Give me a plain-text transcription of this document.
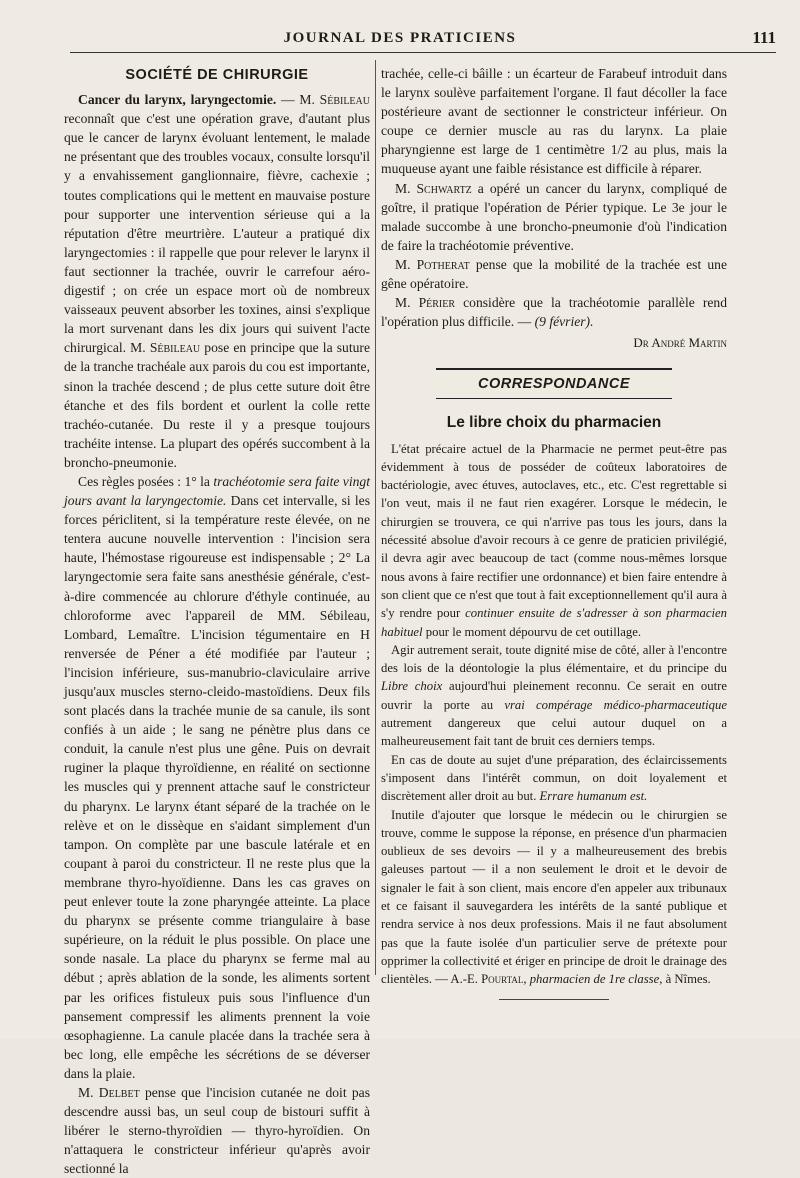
JOURNAL DES PRATICIENS	111
SOCIÉTÉ DE CHIRURGIE

Cancer du larynx, laryngectomie. — M. Sébileau reconnaît que c'est une opération grave, d'autant plus que le cancer de larynx évoluant lentement, le malade ne présentant que des troubles vocaux, consulte lorsqu'il y a envahissement ganglionnaire, fièvre, cachexie ; toutes complications qui le mettent en mauvaise posture pour supporter une intervention sérieuse qui a la réputation d'être meurtrière. L'auteur a pratiqué dix laryngectomies : il rappelle que pour relever le larynx il faut sectionner la trachée, ouvrir le carrefour aéro-digestif ; on crée un espace mort où de nombreux vaisseaux peuvent absorber les toxines, ainsi s'explique la mort survenant dans les dix jours qui suivent l'acte chirurgical. M. Sébileau pose en principe que la suture de la tranche trachéale aux parois du cou est importante, sinon la trachée descend ; de plus cette suture doit être étanche et des fils bordent et ourlent la colle rette trachéo-cutanée. Du reste il y a presque toujours trachéite intense. La plupart des opérés succombent à la broncho-pneumonie.

Ces règles posées : 1° la trachéotomie sera faite vingt jours avant la laryngectomie. Dans cet intervalle, si les forces périclitent, si la température reste élevée, on ne tentera aucune nouvelle intervention : l'incision sera haute, l'hémostase rigoureuse est indispensable ; 2° La laryngectomie sera faite sans anesthésie générale, c'est-à-dire commencée au chlorure d'éthyle continuée, au chloroforme avec l'appareil de MM. Sébileau, Lombard, Lemaître. L'incision tégumentaire en H renversée de Péner a été modifiée par l'auteur ; l'incision inférieure, sus-manubrio-claviculaire arrive jusqu'aux muscles sterno-cleido-mastoïdiens. Deux fils sont placés dans la trachée munie de sa canule, ils sont confiés à un aide ; le sang ne pénètre plus dans ce conduit, la canule n'est plus une gêne. Puis on devrait ruginer la plaque thyroïdienne, en réalité on sectionne les muscles qui y prennent attache sauf le constricteur du pharynx. Le larynx étant séparé de la trachée on le relève et on le dissèque en s'aidant simplement d'un tampon. On complète par une bascule latérale et en coupant à paroi du constricteur. Il ne reste plus que la membrane thyro-hyoïdienne. Dans les cas graves on peut enlever toute la zone pharyngée atteinte. La place du pharynx se présente comme triangulaire à base supérieure, on la réduit le plus possible. On place une sonde nasale. La place du pharynx se ferme mal au début ; après ablation de la sonde, les aliments sortent par les orifices fistuleux puis sous l'influence d'un pansement compressif les aliments prennent la voie œsophagienne. La canule placée dans la trachée sera à bec long, elle empêche les sécrétions de se déverser dans la plaie.

M. Delbet pense que l'incision cutanée ne doit pas descendre aussi bas, un seul coup de bistouri suffit à libérer le sterno-thyroïdien — thyro-hyroïdien. On n'attaquera le constricteur inférieur qu'après avoir sectionné la

trachée, celle-ci bâille : un écarteur de Farabeuf introduit dans le larynx soulève parfaitement l'organe. Il faut décoller la face postérieure avant de sectionner le constricteur inférieur. On coupe ce dernier muscle au ras du larynx. La plaie pharyngienne est large de 1 centimètre 1/2 au plus, mais la muqueuse ayant une faible résistance est difficile à réparer.

M. Schwartz a opéré un cancer du larynx, compliqué de goître, il pratique l'opération de Périer typique. Le 3e jour le malade succombe à une broncho-pneumonie d'où l'indication de faire la trachéotomie préventive.

M. Potherat pense que la mobilité de la trachée est une gêne opératoire.

M. Périer considère que la trachéotomie parallèle rend l'opération plus difficile. — (9 février).

Dr André Martin
CORRESPONDANCE
Le libre choix du pharmacien

L'état précaire actuel de la Pharmacie ne permet peut-être pas évidemment à tous de posséder de coûteux laboratoires de bactériologie, avec étuves, autoclaves, etc., etc. C'est regrettable si l'on veut, mais il ne faut rien exagérer. Lorsque le médecin, le chirurgien se trouvera, ce qui n'arrive pas tous les jours, dans la nécessité absolue d'avoir recours à ce genre de praticien privilégié, il devra agir avec beaucoup de tact (comme nous-mêmes lorsque nous avons à faire rectifier une ordonnance) et bien faire entendre à son client que ce n'est que tout à fait exceptionnellement qu'il aura à s'y rendre pour continuer ensuite de s'adresser à son pharmacien habituel pour le moment dépourvu de cet outillage.

Agir autrement serait, toute dignité mise de côté, aller à l'encontre des lois de la déontologie la plus élémentaire, et du principe du Libre choix aujourd'hui pleinement reconnu. Ce serait en outre ouvrir la porte au vrai compérage médico-pharmaceutique autrement dangereux que celui autour duquel on a malheureusement fait tant de bruit ces derniers temps.

En cas de doute au sujet d'une préparation, des éclaircissements s'imposent dans l'intérêt commun, on doit loyalement et discrètement aller droit au but. Errare humanum est.

Inutile d'ajouter que lorsque le médecin ou le chirurgien se trouve, comme le suppose la réponse, en présence d'un pharmacien oublieux de ses devoirs — il y a malheureusement des brebis galeuses partout — il a non seulement le droit et le devoir de signaler le fait à son client, mais encore d'en appeler aux tribunaux et ce faisant il sauvegardera les intérêts de la santé publique et rendra service à nos deux professions. Mais il ne faut absolument pas que la faute isolée d'un particulier serve de prétexte pour opprimer la collectivité et ériger en principe de droit le drainage des clientèles. — A.-E. Pourtal, pharmacien de 1re classe, à Nîmes.
